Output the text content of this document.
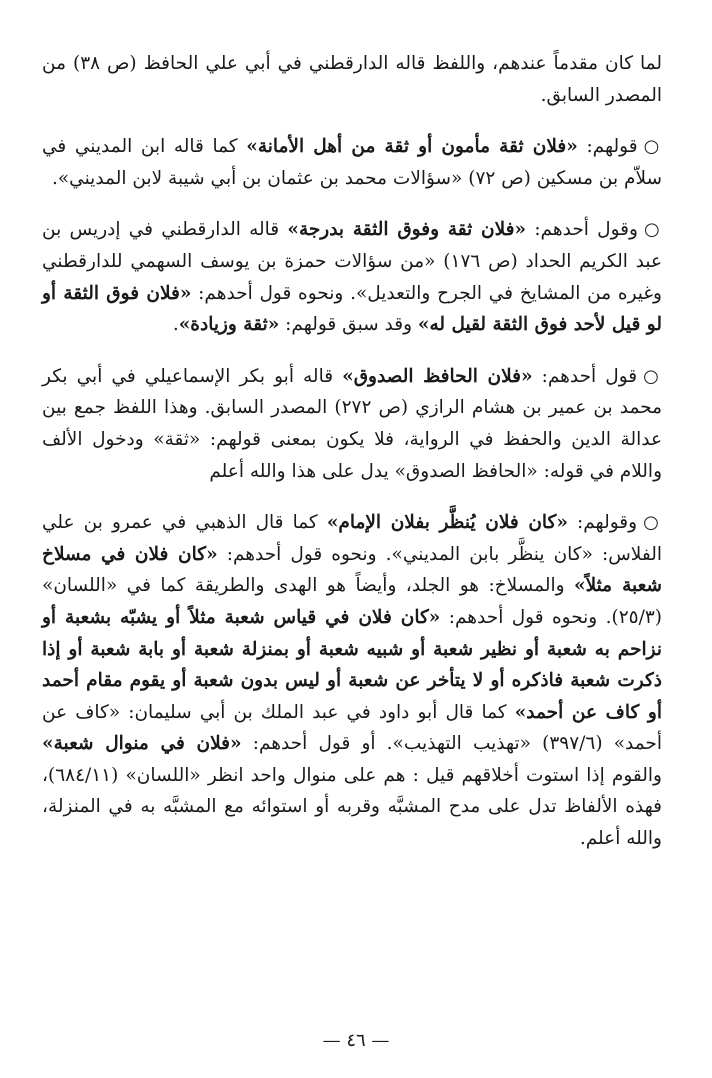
لما كان مقدماً عندهم، واللفظ قاله الدارقطني في أبي علي الحافظ (ص ٣٨) من المصدر السابق.

○قولهم: «فلان ثقة مأمون أو ثقة من أهل الأمانة» كما قاله ابن المديني في سلاّم بن مسكين (ص ٧٢) «سؤالات محمد بن عثمان بن أبي شيبة لابن المديني».

○وقول أحدهم: «فلان ثقة وفوق الثقة بدرجة» قاله الدارقطني في إدريس بن عبد الكريم الحداد (ص ١٧٦) «من سؤالات حمزة بن يوسف السهمي للدارقطني وغيره من المشايخ في الجرح والتعديل». ونحوه قول أحدهم: «فلان فوق الثقة أو لو قيل لأحد فوق الثقة لقيل له» وقد سبق قولهم: «ثقة وزيادة».

○قول أحدهم: «فلان الحافظ الصدوق» قاله أبو بكر الإسماعيلي في أبي بكر محمد بن عمير بن هشام الرازي (ص ٢٧٢) المصدر السابق. وهذا اللفظ جمع بين عدالة الدين والحفظ في الرواية، فلا يكون بمعنى قولهم: «ثقة» ودخول الألف واللام في قوله: «الحافظ الصدوق» يدل على هذا والله أعلم

○وقولهم: «كان فلان يُنظَّر بفلان الإمام» كما قال الذهبي في عمرو بن علي الفلاس: «كان ينظَّر بابن المديني». ونحوه قول أحدهم: «كان فلان في مسلاخ شعبة مثلاً» والمسلاخ: هو الجلد، وأيضاً هو الهدى والطريقة كما في «اللسان» (٢٥/٣). ونحوه قول أحدهم: «كان فلان في قياس شعبة مثلاً أو يشبّه بشعبة أو نزاحم به شعبة أو نظير شعبة أو شبيه شعبة أو بمنزلة شعبة أو بابة شعبة أو إذا ذكرت شعبة فاذكره أو لا يتأخر عن شعبة أو ليس بدون شعبة أو يقوم مقام أحمد أو كاف عن أحمد» كما قال أبو داود في عبد الملك بن أبي سليمان: «كاف عن أحمد» (٣٩٧/٦) «تهذيب التهذيب». أو قول أحدهم: «فلان في منوال شعبة» والقوم إذا استوت أخلاقهم قيل : هم على منوال واحد انظر «اللسان» (٦٨٤/١١)، فهذه الألفاظ تدل على مدح المشبَّه وقربه أو استوائه مع المشبَّه به في المنزلة، والله أعلم.

— ٤٦ —
